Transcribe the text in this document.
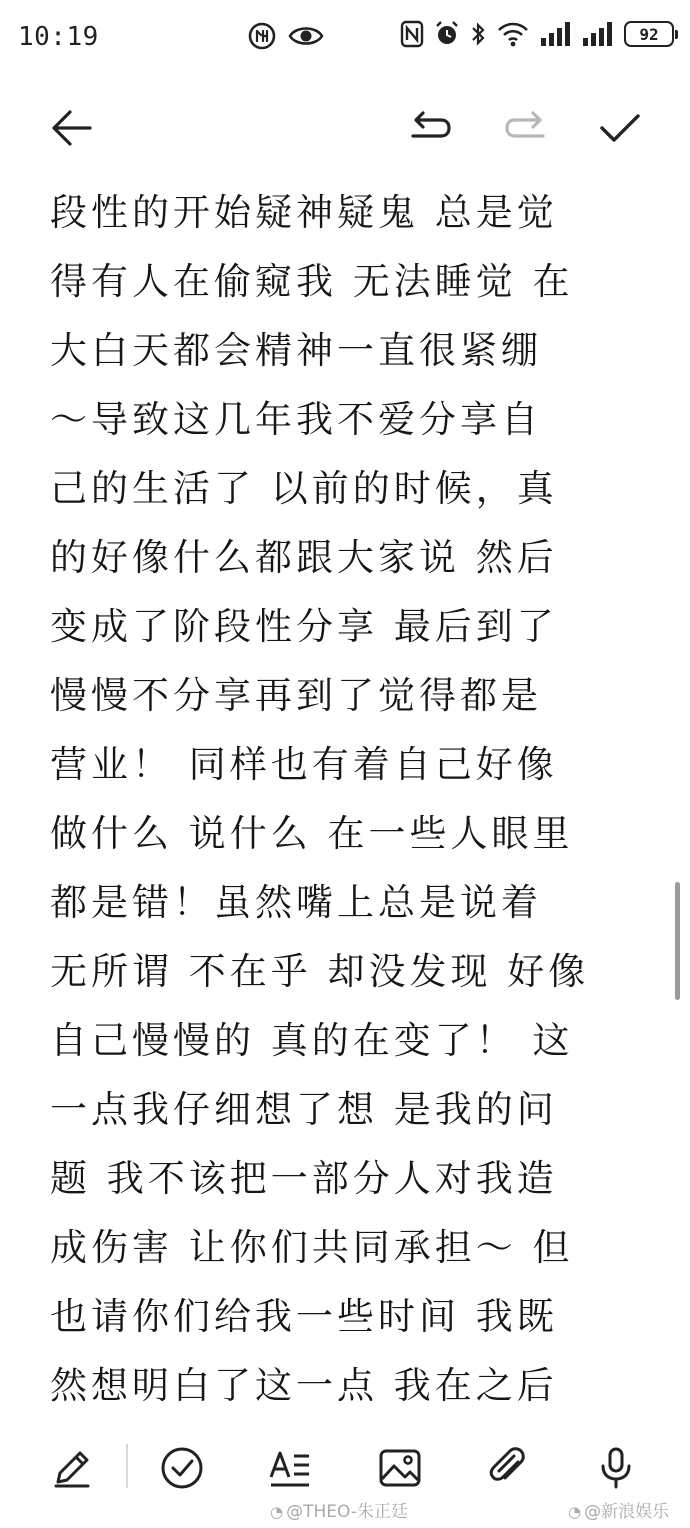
10:19	92
段性的开始疑神疑鬼 总是觉
得有人在偷窥我 无法睡觉 在
大白天都会精神一直很紧绷
～导致这几年我不爱分享自
己的生活了 以前的时候，真
的好像什么都跟大家说 然后
变成了阶段性分享 最后到了
慢慢不分享再到了觉得都是
营业！ 同样也有着自己好像
做什么 说什么 在一些人眼里
都是错！虽然嘴上总是说着
无所谓 不在乎 却没发现 好像
自己慢慢的 真的在变了！ 这
一点我仔细想了想 是我的问
题 我不该把一部分人对我造
成伤害 让你们共同承担～ 但
也请你们给我一些时间 我既
然想明白了这一点 我在之后
◔ @THEO-朱正廷	◔ @新浪娱乐
